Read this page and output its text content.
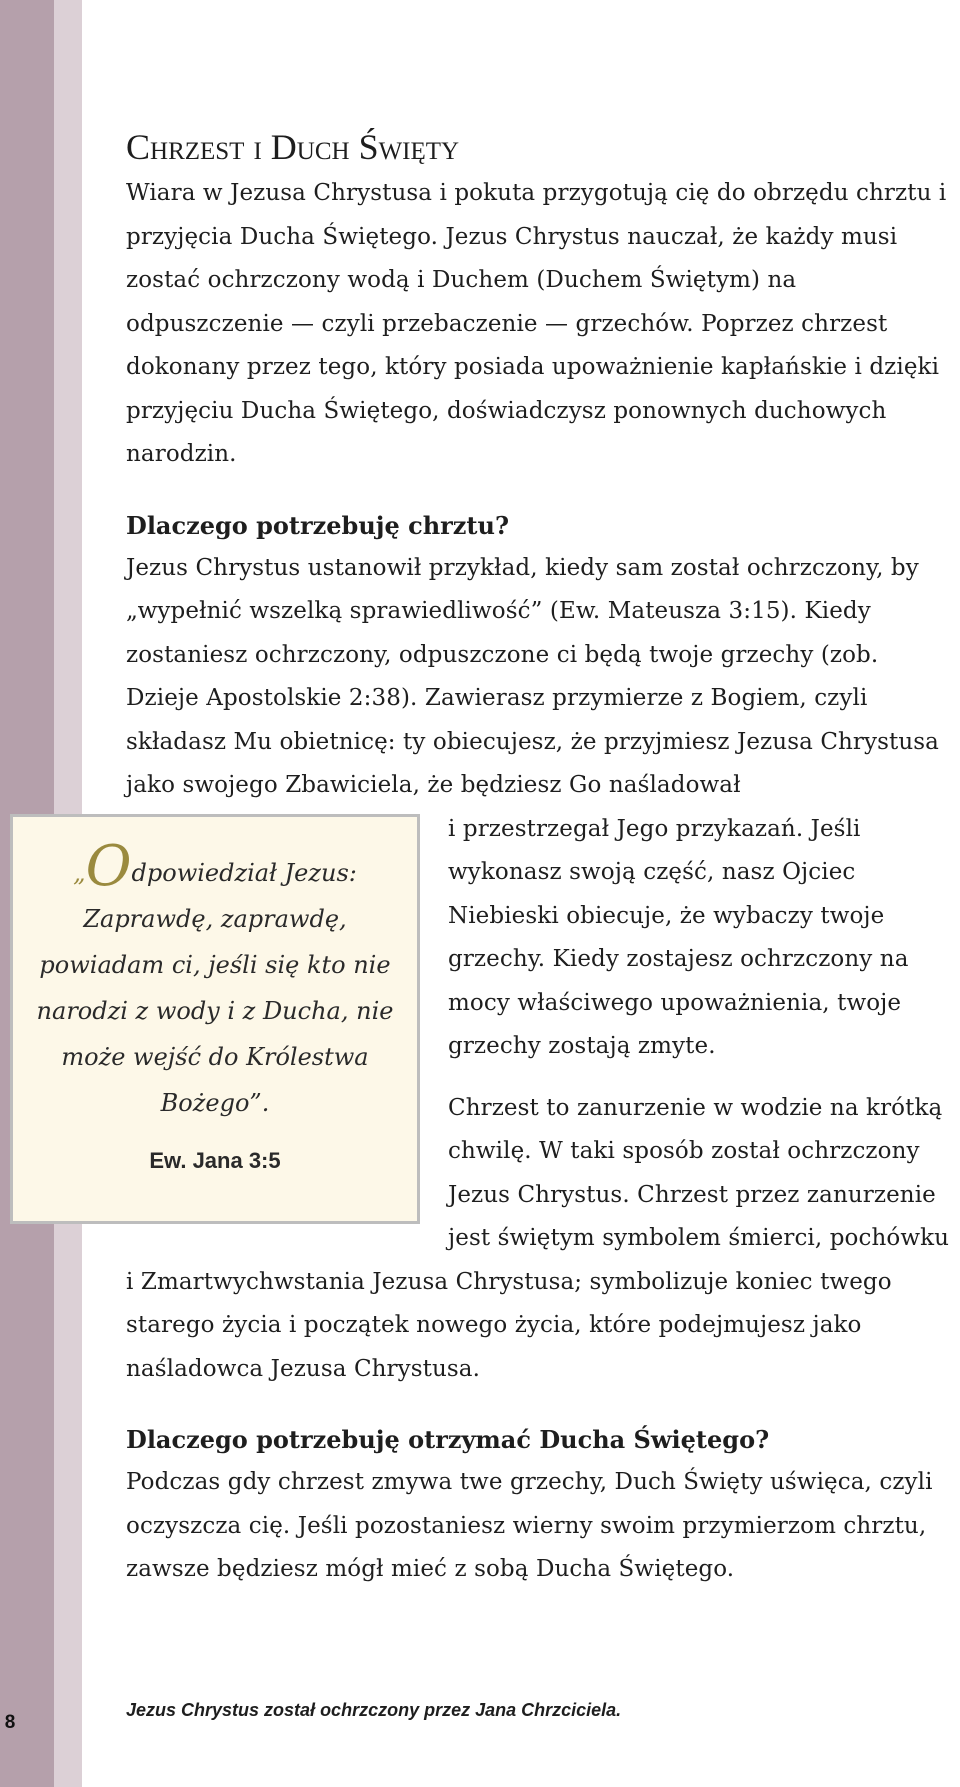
8
Chrzest i Duch Święty

Wiara w Jezusa Chrystusa i pokuta przygotują cię do obrzędu chrztu i przyjęcia Ducha Świętego. Jezus Chrystus nauczał, że każdy musi zostać ochrzczony wodą i Duchem (Duchem Świętym) na odpuszczenie — czyli przebaczenie — grzechów. Poprzez chrzest dokonany przez tego, który posiada upoważnienie kapłańskie i dzięki przyjęciu Ducha Świętego, doświadczysz ponownych duchowych narodzin.

Dlaczego potrzebuję chrztu?

Jezus Chrystus ustanowił przykład, kiedy sam został ochrzczony, by „wypełnić wszelką sprawiedliwość” (Ew. Mateusza 3:15). Kiedy zostaniesz ochrzczony, odpuszczone ci będą twoje grzechy (zob. Dzieje Apostolskie 2:38). Zawierasz przymierze z Bogiem, czyli składasz Mu obietnicę: ty obiecujesz, że przyjmiesz Jezusa Chrystusa jako swojego Zbawiciela, że będziesz Go naśladował

„Odpowiedział Jezus: Zaprawdę, zaprawdę, powiadam ci, jeśli się kto nie narodzi z wody i z Ducha, nie może wejść do Królestwa Bożego”.
Ew. Jana 3:5

i przestrzegał Jego przykazań. Jeśli wykonasz swoją część, nasz Ojciec Niebieski obiecuje, że wybaczy twoje grzechy. Kiedy zostajesz ochrzczony na mocy właściwego upoważnienia, twoje grzechy zostają zmyte.

Chrzest to zanurzenie w wodzie na krótką chwilę. W taki sposób został ochrzczony Jezus Chrystus. Chrzest przez zanurzenie jest świętym symbolem śmierci, pochówku i Zmartwychwstania Jezusa Chrystusa; symbolizuje koniec twego starego życia i początek nowego życia, które podejmujesz jako naśladowca Jezusa Chrystusa.

Dlaczego potrzebuję otrzymać Ducha Świętego?

Podczas gdy chrzest zmywa twe grzechy, Duch Święty uświęca, czyli oczyszcza cię. Jeśli pozostaniesz wierny swoim przymierzom chrztu, zawsze będziesz mógł mieć z sobą Ducha Świętego.

Jezus Chrystus został ochrzczony przez Jana Chrzciciela.
